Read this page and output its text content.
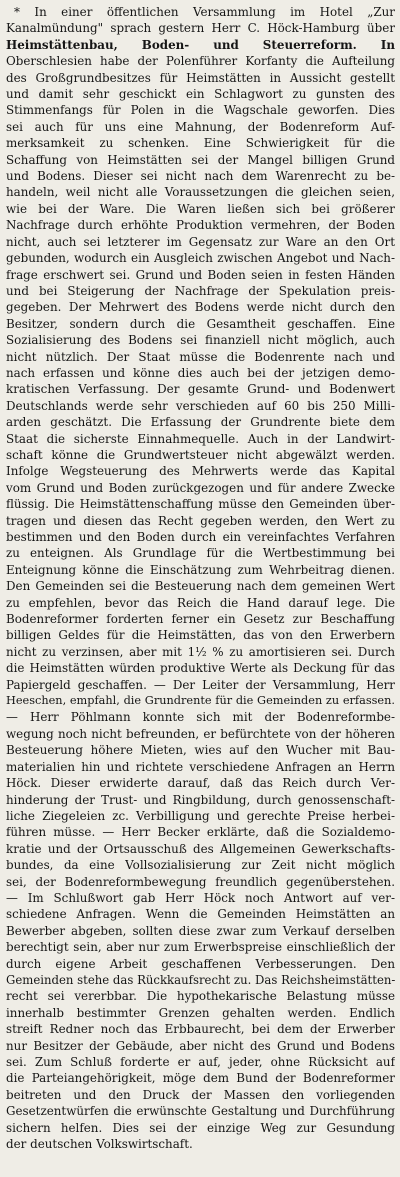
* In einer öffentlichen Versammlung im Hotel „Zur
Kanalmündung" sprach gestern Herr C. Höck-Hamburg über
Heimstättenbau, Boden- und Steuerreform. In
Oberschlesien habe der Polenführer Korfanty die Aufteilung
des Großgrundbesitzes für Heimstätten in Aussicht gestellt
und damit sehr geschickt ein Schlagwort zu gunsten des
Stimmenfangs für Polen in die Wagschale geworfen. Dies
sei auch für uns eine Mahnung, der Bodenreform Auf-
merksamkeit zu schenken. Eine Schwierigkeit für die
Schaffung von Heimstätten sei der Mangel billigen Grund
und Bodens. Dieser sei nicht nach dem Warenrecht zu be-
handeln, weil nicht alle Voraussetzungen die gleichen seien,
wie bei der Ware. Die Waren ließen sich bei größerer
Nachfrage durch erhöhte Produktion vermehren, der Boden
nicht, auch sei letzterer im Gegensatz zur Ware an den Ort
gebunden, wodurch ein Ausgleich zwischen Angebot und Nach-
frage erschwert sei. Grund und Boden seien in festen Händen
und bei Steigerung der Nachfrage der Spekulation preis-
gegeben. Der Mehrwert des Bodens werde nicht durch den
Besitzer, sondern durch die Gesamtheit geschaffen. Eine
Sozialisierung des Bodens sei finanziell nicht möglich, auch
nicht nützlich. Der Staat müsse die Bodenrente nach und
nach erfassen und könne dies auch bei der jetzigen demo-
kratischen Verfassung. Der gesamte Grund- und Bodenwert
Deutschlands werde sehr verschieden auf 60 bis 250 Milli-
arden geschätzt. Die Erfassung der Grundrente biete dem
Staat die sicherste Einnahmequelle. Auch in der Landwirt-
schaft könne die Grundwertsteuer nicht abgewälzt werden.
Infolge Wegsteuerung des Mehrwerts werde das Kapital
vom Grund und Boden zurückgezogen und für andere Zwecke
flüssig. Die Heimstättenschaffung müsse den Gemeinden über-
tragen und diesen das Recht gegeben werden, den Wert zu
bestimmen und den Boden durch ein vereinfachtes Verfahren
zu enteignen. Als Grundlage für die Wertbestimmung bei
Enteignung könne die Einschätzung zum Wehrbeitrag dienen.
Den Gemeinden sei die Besteuerung nach dem gemeinen Wert
zu empfehlen, bevor das Reich die Hand darauf lege. Die
Bodenreformer forderten ferner ein Gesetz zur Beschaffung
billigen Geldes für die Heimstätten, das von den Erwerbern
nicht zu verzinsen, aber mit 1½ % zu amortisieren sei. Durch
die Heimstätten würden produktive Werte als Deckung für das
Papiergeld geschaffen. — Der Leiter der Versammlung, Herr
Heeschen, empfahl, die Grundrente für die Gemeinden zu erfassen.
— Herr Pöhlmann konnte sich mit der Bodenreformbe-
wegung noch nicht befreunden, er befürchtete von der höheren
Besteuerung höhere Mieten, wies auf den Wucher mit Bau-
materialien hin und richtete verschiedene Anfragen an Herrn
Höck. Dieser erwiderte darauf, daß das Reich durch Ver-
hinderung der Trust- und Ringbildung, durch genossenschaft-
liche Ziegeleien zc. Verbilligung und gerechte Preise herbei-
führen müsse. — Herr Becker erklärte, daß die Sozialdemo-
kratie und der Ortsausschuß des Allgemeinen Gewerkschafts-
bundes, da eine Vollsozialisierung zur Zeit nicht möglich
sei, der Bodenreformbewegung freundlich gegenüberstehen.
— Im Schlußwort gab Herr Höck noch Antwort auf ver-
schiedene Anfragen. Wenn die Gemeinden Heimstätten an
Bewerber abgeben, sollten diese zwar zum Verkauf derselben
berechtigt sein, aber nur zum Erwerbspreise einschließlich der
durch eigene Arbeit geschaffenen Verbesserungen. Den
Gemeinden stehe das Rückkaufsrecht zu. Das Reichsheimstätten-
recht sei vererbbar. Die hypothekarische Belastung müsse
innerhalb bestimmter Grenzen gehalten werden. Endlich
streift Redner noch das Erbbaurecht, bei dem der Erwerber
nur Besitzer der Gebäude, aber nicht des Grund und Bodens
sei. Zum Schluß forderte er auf, jeder, ohne Rücksicht auf
die Parteiangehörigkeit, möge dem Bund der Bodenreformer
beitreten und den Druck der Massen den vorliegenden
Gesetzentwürfen die erwünschte Gestaltung und Durchführung
sichern helfen. Dies sei der einzige Weg zur Gesundung
der deutschen Volkswirtschaft.
